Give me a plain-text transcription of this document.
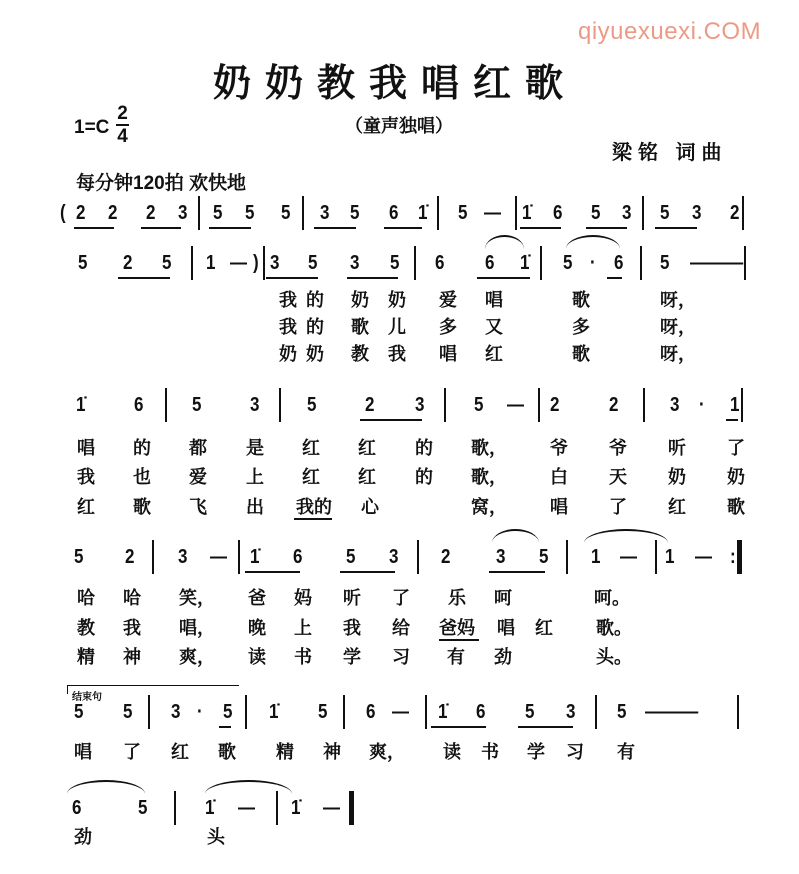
qiyuexuexi.COM
奶奶教我唱红歌
1=C
2
4	（童声独唱）
梁铭 词曲
每分钟120拍 欢快地
结束句
( 2 2 2 3 5 5 5 3 5 6 1̇ 5 — 1̇ 6 5 3 5 3 2
5 2 5 1 — ) 3 5 3 5 6 6 1̇ 5 · 6 5 ——
我 的 奶 奶 爱 唱	歌	呀，
我 的 歌 儿 多 又	多	呀，
奶 奶 教 我 唱 红	歌	呀，
1̇ 6 5 3 5 2 3 5 — 2 2	3 · 1
唱 的 都 是 红 红 的 歌， 爷 爷 听 了
我 也 爱 上 红 红 的 歌， 白 天 奶 奶
红 歌 飞 出 我的 心	窝， 唱 了 红 歌
5 2 3 — 1̇ 6 5 3 2 3 5 1 — 1 — :
哈 哈 笑， 爸 妈 听 了 乐 呵	呵。
教 我 唱， 晚 上 我 给 爸妈 唱 红 歌。
精 神 爽， 读 书 学 习 有 劲	头。
5 5 3 · 5 1̇ 5 6 — 1̇ 6 5 3 5 ——
唱 了 红 歌 精 神 爽， 读 书 学 习 有
6	5	1̇ — 1̇ —
劲	头
